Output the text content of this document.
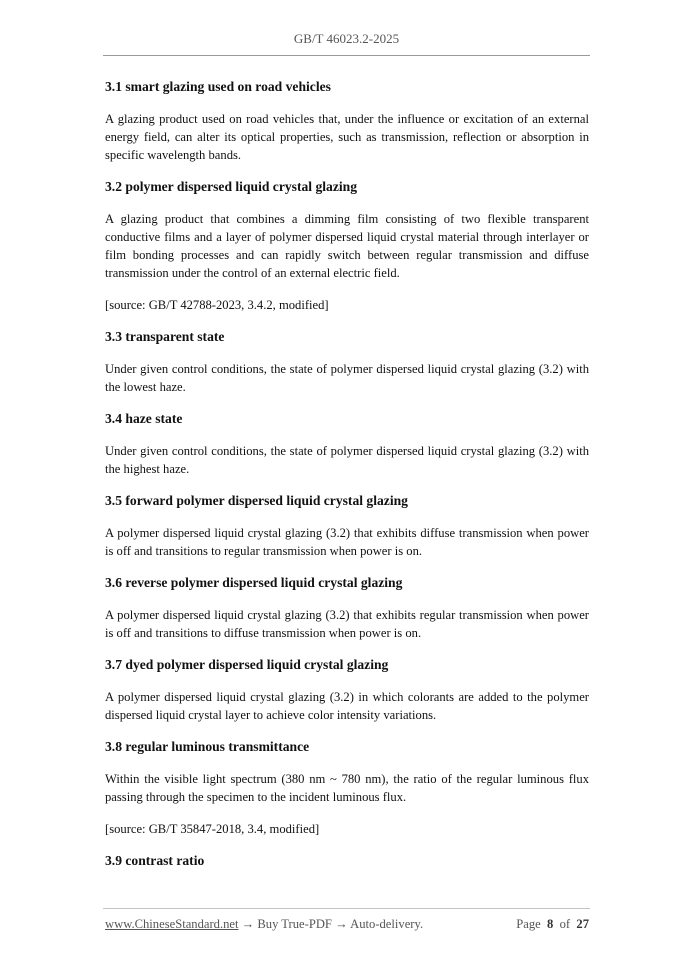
GB/T 46023.2-2025
3.1 smart glazing used on road vehicles

A glazing product used on road vehicles that, under the influence or excitation of an external energy field, can alter its optical properties, such as transmission, reflection or absorption in specific wavelength bands.

3.2 polymer dispersed liquid crystal glazing

A glazing product that combines a dimming film consisting of two flexible transparent conductive films and a layer of polymer dispersed liquid crystal material through interlayer or film bonding processes and can rapidly switch between regular transmission and diffuse transmission under the control of an external electric field.

[source: GB/T 42788-2023, 3.4.2, modified]

3.3 transparent state

Under given control conditions, the state of polymer dispersed liquid crystal glazing (3.2) with the lowest haze.

3.4 haze state

Under given control conditions, the state of polymer dispersed liquid crystal glazing (3.2) with the highest haze.

3.5 forward polymer dispersed liquid crystal glazing

A polymer dispersed liquid crystal glazing (3.2) that exhibits diffuse transmission when power is off and transitions to regular transmission when power is on.

3.6 reverse polymer dispersed liquid crystal glazing

A polymer dispersed liquid crystal glazing (3.2) that exhibits regular transmission when power is off and transitions to diffuse transmission when power is on.

3.7 dyed polymer dispersed liquid crystal glazing

A polymer dispersed liquid crystal glazing (3.2) in which colorants are added to the polymer dispersed liquid crystal layer to achieve color intensity variations.

3.8 regular luminous transmittance

Within the visible light spectrum (380 nm ~ 780 nm), the ratio of the regular luminous flux passing through the specimen to the incident luminous flux.

[source: GB/T 35847-2018, 3.4, modified]

3.9 contrast ratio
www.ChineseStandard.net → Buy True-PDF → Auto-delivery.	Page 8 of 27
